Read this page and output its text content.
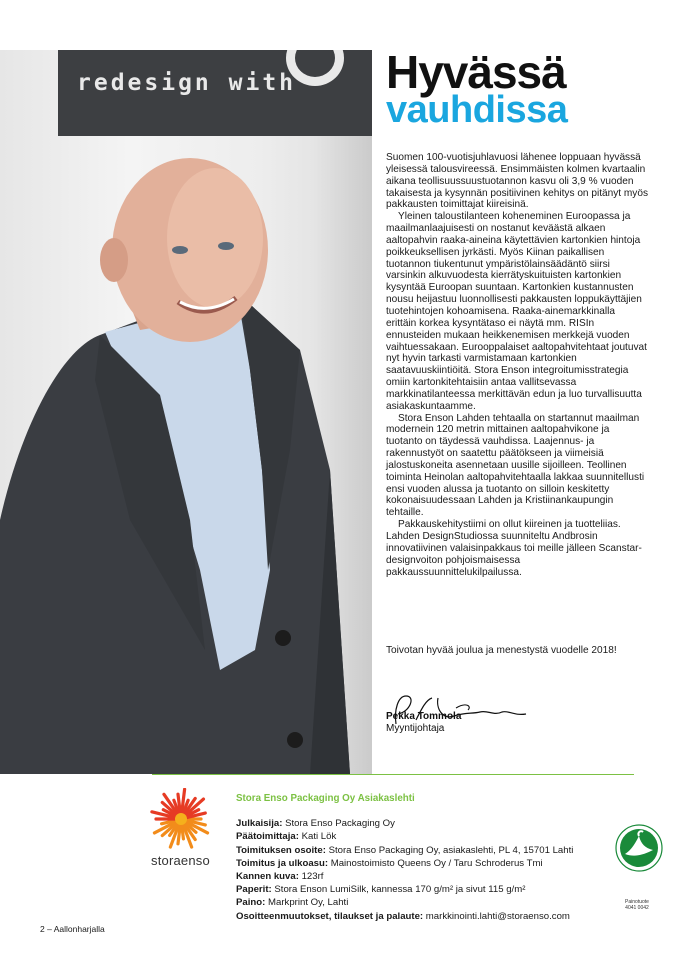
redesign with Hyvässä
vauhdissa

Suomen 100-vuotisjuhlavuosi lähenee loppuaan hyvässä yleisessä talousvireessä. Ensimmäisten kolmen kvartaalin aikana teollisuussuustuotannon kasvu oli 3,9 % vuoden takaisesta ja kysynnän positiivinen kehitys on pitänyt myös pakkausten toimittajat kiireisinä.

Yleinen taloustilanteen koheneminen Euroopassa ja maailmanlaajuisesti on nostanut keväästä alkaen aaltopahvin raaka-aineina käytettävien kartonkien hintoja poikkeuksellisen jyrkästi. Myös Kiinan paikallisen tuotannon tiukentunut ympäristölainsäädäntö siirsi varsinkin alkuvuodesta kierrätyskuituisten kartonkien kysyntää Euroopan suuntaan. Kartonkien kustannusten nousu heijastuu luonnollisesti pakkausten loppukäyttäjien tuotehintojen kohoamisena. Raaka-ainemarkkinalla erittäin korkea kysyntätaso ei näytä mm. RISIn ennusteiden mukaan heikkenemisen merkkejä vuoden vaihtuessakaan. Eurooppalaiset aaltopahvitehtaat joutuvat nyt hyvin tarkasti varmistamaan kartonkien saatavuuskiintiöitä. Stora Enson integroitumisstrategia omiin kartonkitehtaisiin antaa vallitsevassa markkinatilanteessa merkittävän edun ja luo turvallisuutta asiakaskuntaamme.

Stora Enson Lahden tehtaalla on startannut maailman modernein 120 metrin mittainen aaltopahvikone ja tuotanto on täydessä vauhdissa. Laajennus- ja rakennustyöt on saatettu päätökseen ja viimeisiä jalostuskoneita asennetaan uusille sijoilleen. Teollinen toiminta Heinolan aaltopahvitehtaalla lakkaa suunnitellusti ensi vuoden alussa ja tuotanto on silloin keskitetty kokonaisuudessaan Lahden ja Kristiinankaupungin tehtaille.

Pakkauskehitystiimi on ollut kiireinen ja tuotteliias. Lahden DesignStudiossa suunniteltu Andbrosin innovatiivinen valaisinpakkaus toi meille jälleen Scanstar-designvoiton pohjoismaisessa pakkaussuunnittelukilpailussa.

Toivotan hyvää joulua ja menestystä vuodelle 2018!
Pekka Tommola
Myyntijohtaja
storaenso
Stora Enso Packaging Oy Asiakaslehti
Julkaisija: Stora Enso Packaging Oy
Päätoimittaja: Kati Lök
Toimituksen osoite: Stora Enso Packaging Oy, asiakaslehti, PL 4, 15701 Lahti
Toimitus ja ulkoasu: Mainostoimisto Queens Oy / Taru Schroderus Tmi
Kannen kuva: 123rf
Paperit: Stora Enson LumiSilk, kannessa 170 g/m² ja sivut 115 g/m²
Paino: Markprint Oy, Lahti
Osoitteenmuutokset, tilaukset ja palaute: markkinointi.lahti@storaenso.com
Painotuote
4041 0042
2 – Aallonharjalla
